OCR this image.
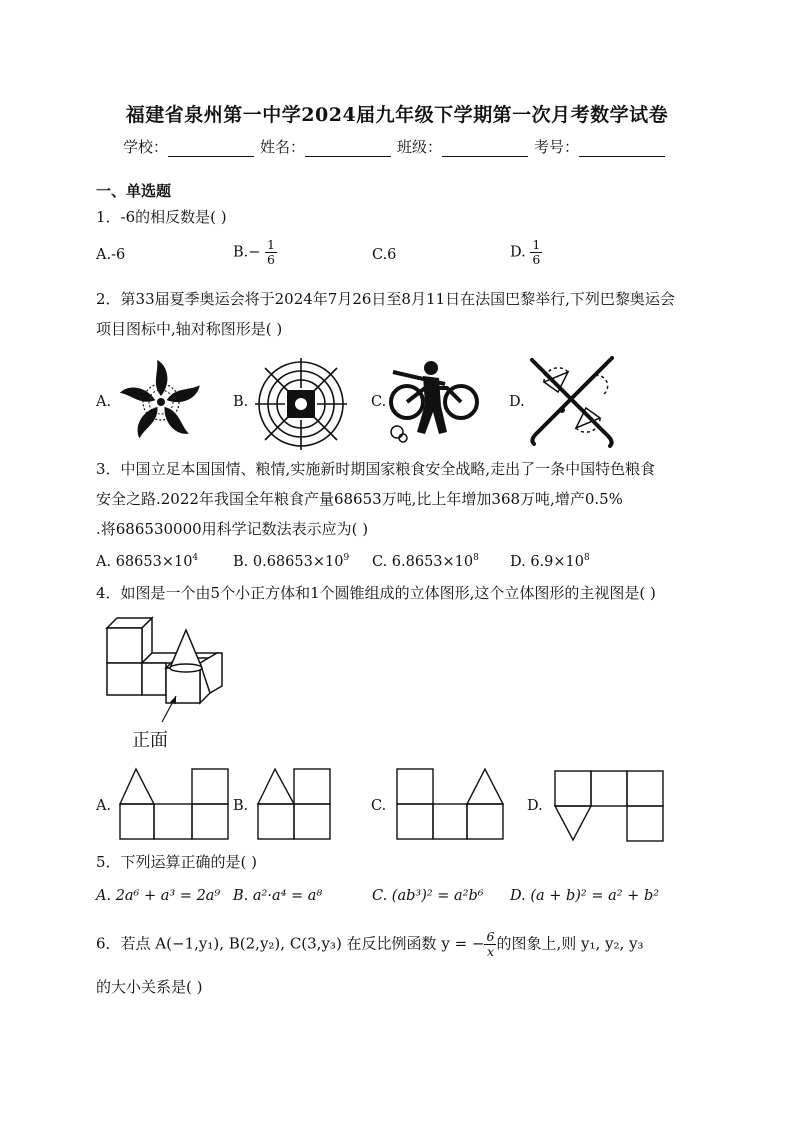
福建省泉州第一中学2024届九年级下学期第一次月考数学试卷
学校：	姓名：	班级：	考号：
一、单选题
1．-6的相反数是( )
A.-6	$B.- \frac{1}{6}$	C.6	D. $\frac{1}{6}$
2．第33届夏季奥运会将于2024年7月26日至8月11日在法国巴黎举行,下列巴黎奥运会
项目图标中,轴对称图形是( )
A.	B.	C.	D.
3．中国立足本国国情、粮情,实施新时期国家粮食安全战略,走出了一条中国特色粮食
安全之路.2022年我国全年粮食产量68653万吨,比上年增加368万吨,增产0.5%
.将686530000用科学记数法表示应为( )
A. $68653\times 10^4$ B. $0.68653\times 10^9$ C. $6.8653\times 10^8$ D. $6.9\times 10^8$
4．如图是一个由5个小正方体和1个圆锥组成的立体图形,这个立体图形的主视图是( )
正面
A.	B.	C.	D.
5．下列运算正确的是( )
A. 2a⁶ + a³ = 2a⁹ B. a²·a⁴ = a⁸	C. (ab³)² = a²b⁶ D. (a + b)² = a² + b²
6．若点 A(−1,y₁), B(2,y₂), C(3,y₃) 在反比例函数 y = − $\frac{6}{x}$ 的图象上,则 y₁, y₂, y₃
的大小关系是( )
